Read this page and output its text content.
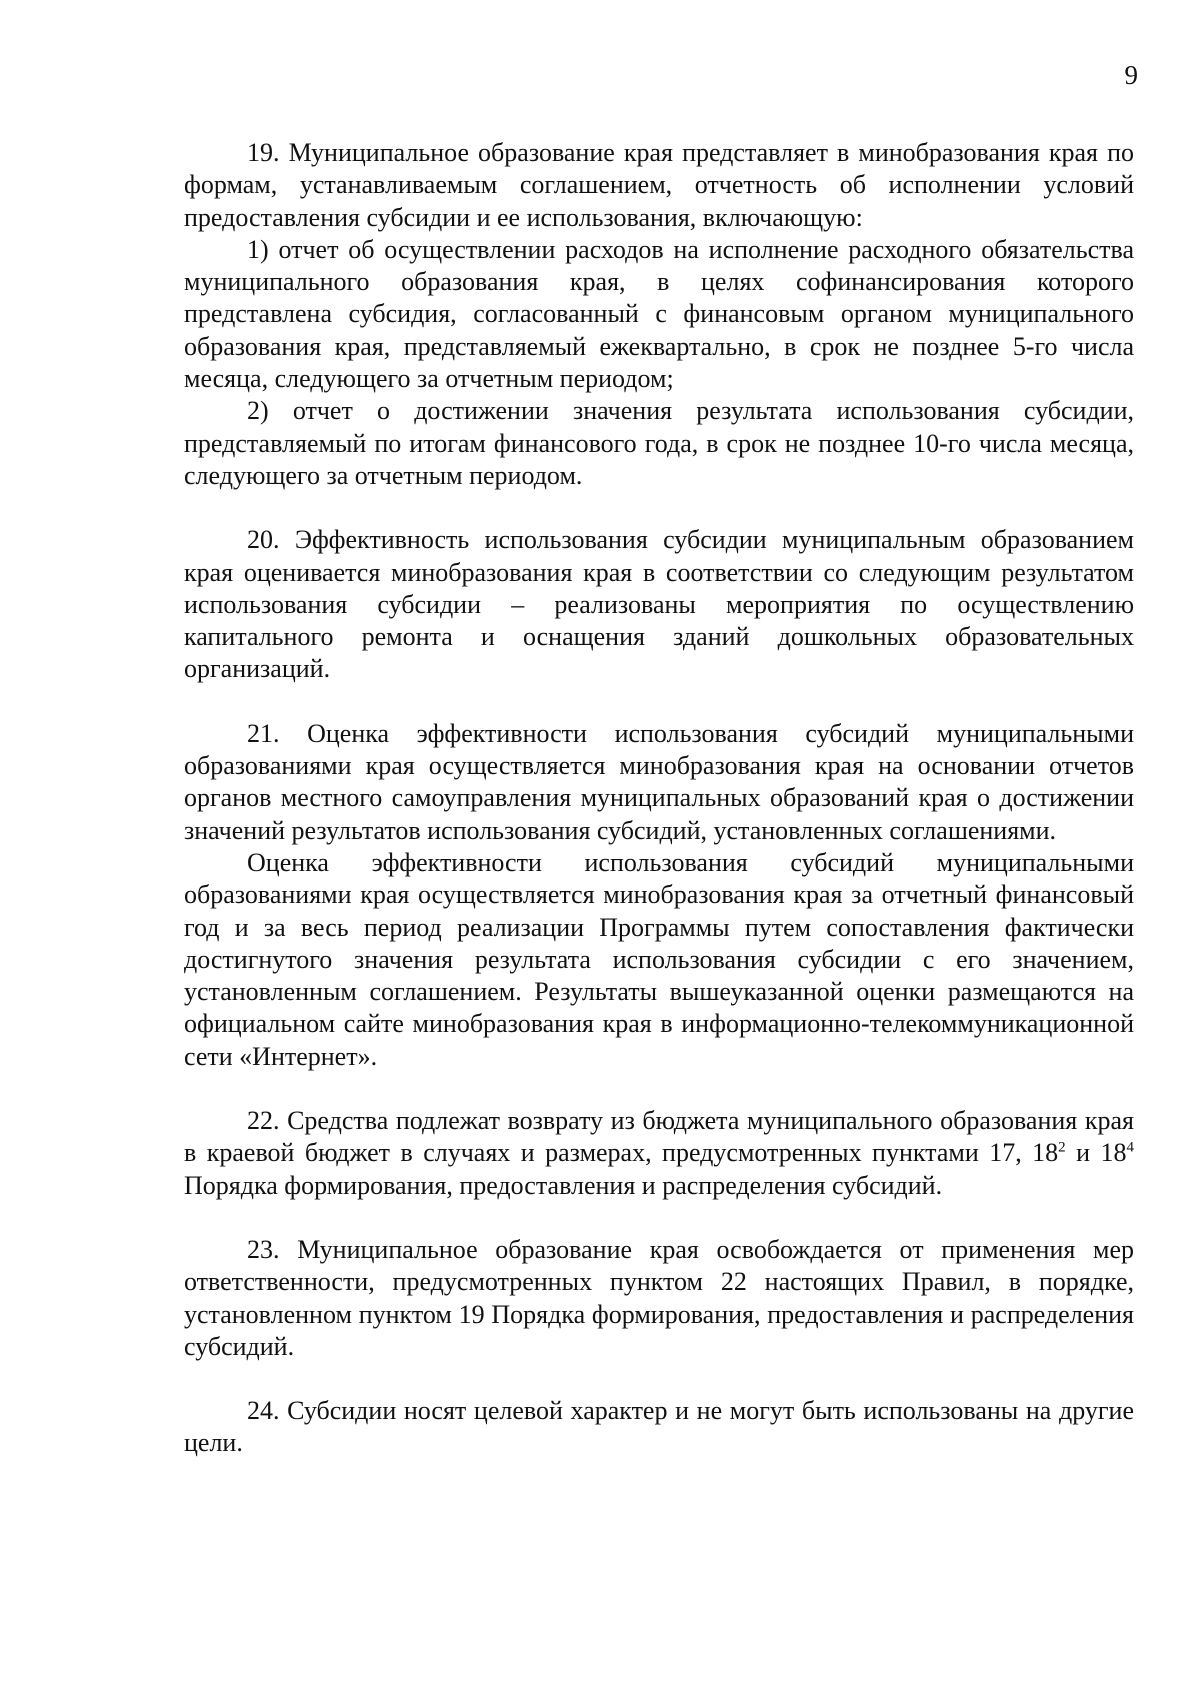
9

19. Муниципальное образование края представляет в минобразования края по формам, устанавливаемым соглашением, отчетность об исполнении условий предоставления субсидии и ее использования, включающую:

1) отчет об осуществлении расходов на исполнение расходного обязательства муниципального образования края, в целях софинансирования которого представлена субсидия, согласованный с финансовым органом муниципального образования края, представляемый ежеквартально, в срок не позднее 5-го числа месяца, следующего за отчетным периодом;

2) отчет о достижении значения результата использования субсидии, представляемый по итогам финансового года, в срок не позднее 10-го числа месяца, следующего за отчетным периодом.

20. Эффективность использования субсидии муниципальным образованием края оценивается минобразования края в соответствии со следующим результатом использования субсидии – реализованы мероприятия по осуществлению капитального ремонта и оснащения зданий дошкольных образовательных организаций.

21. Оценка эффективности использования субсидий муниципальными образованиями края осуществляется минобразования края на основании отчетов органов местного самоуправления муниципальных образований края о достижении значений результатов использования субсидий, установленных соглашениями.

Оценка эффективности использования субсидий муниципальными образованиями края осуществляется минобразования края за отчетный финансовый год и за весь период реализации Программы путем сопоставления фактически достигнутого значения результата использования субсидии с его значением, установленным соглашением. Результаты вышеуказанной оценки размещаются на официальном сайте минобразования края в информационно-телекоммуникационной сети «Интернет».

22. Средства подлежат возврату из бюджета муниципального образования края в краевой бюджет в случаях и размерах, предусмотренных пунктами 17, $18^2$ и $18^4$ Порядка формирования, предоставления и распределения субсидий.

23. Муниципальное образование края освобождается от применения мер ответственности, предусмотренных пунктом 22 настоящих Правил, в порядке, установленном пунктом 19 Порядка формирования, предоставления и распределения субсидий.

24. Субсидии носят целевой характер и не могут быть использованы на другие цели.
